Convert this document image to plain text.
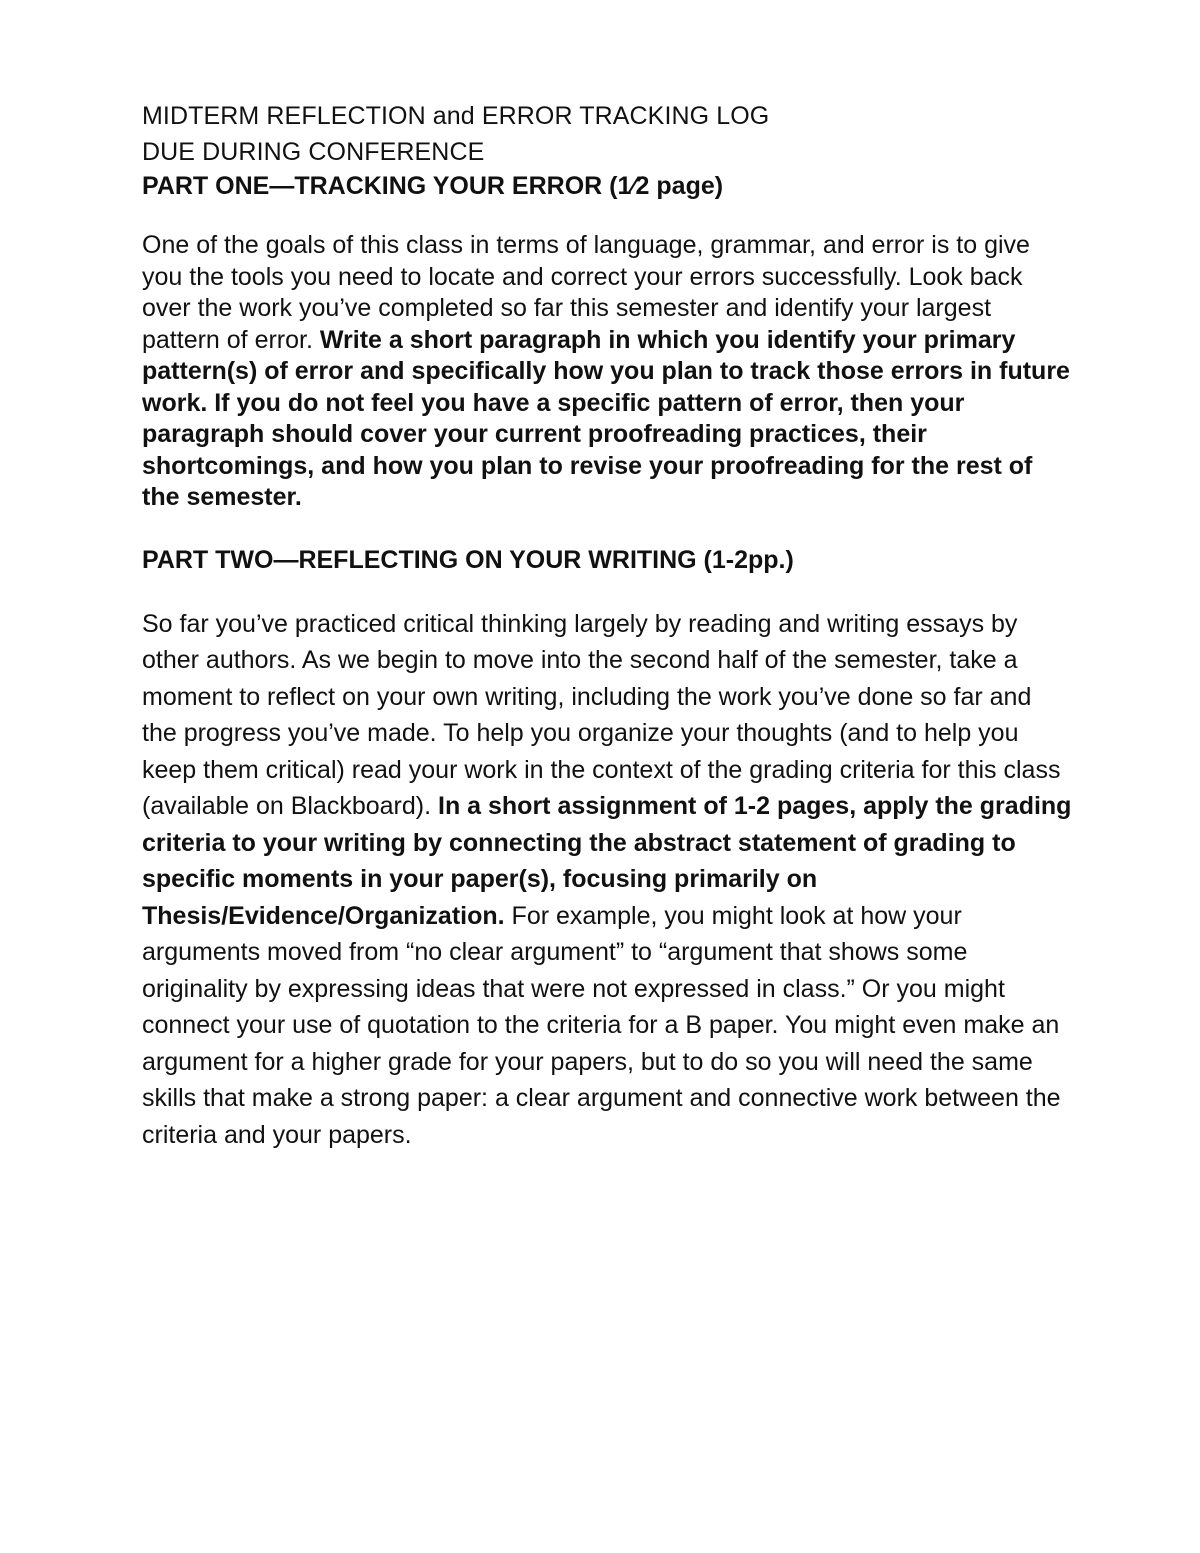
MIDTERM REFLECTION and ERROR TRACKING LOG

DUE DURING CONFERENCE

PART ONE—TRACKING YOUR ERROR (1⁄2 page)

One of the goals of this class in terms of language, grammar, and error is to give you the tools you need to locate and correct your errors successfully. Look back over the work you’ve completed so far this semester and identify your largest pattern of error. Write a short paragraph in which you identify your primary pattern(s) of error and specifically how you plan to track those errors in future work. If you do not feel you have a specific pattern of error, then your paragraph should cover your current proofreading practices, their shortcomings, and how you plan to revise your proofreading for the rest of the semester.

PART TWO—REFLECTING ON YOUR WRITING (1-2pp.)

So far you’ve practiced critical thinking largely by reading and writing essays by other authors. As we begin to move into the second half of the semester, take a moment to reflect on your own writing, including the work you’ve done so far and the progress you’ve made. To help you organize your thoughts (and to help you keep them critical) read your work in the context of the grading criteria for this class (available on Blackboard). In a short assignment of 1-2 pages, apply the grading criteria to your writing by connecting the abstract statement of grading to specific moments in your paper(s), focusing primarily on Thesis/Evidence/Organization. For example, you might look at how your arguments moved from “no clear argument” to “argument that shows some originality by expressing ideas that were not expressed in class.” Or you might connect your use of quotation to the criteria for a B paper. You might even make an argument for a higher grade for your papers, but to do so you will need the same skills that make a strong paper: a clear argument and connective work between the criteria and your papers.
